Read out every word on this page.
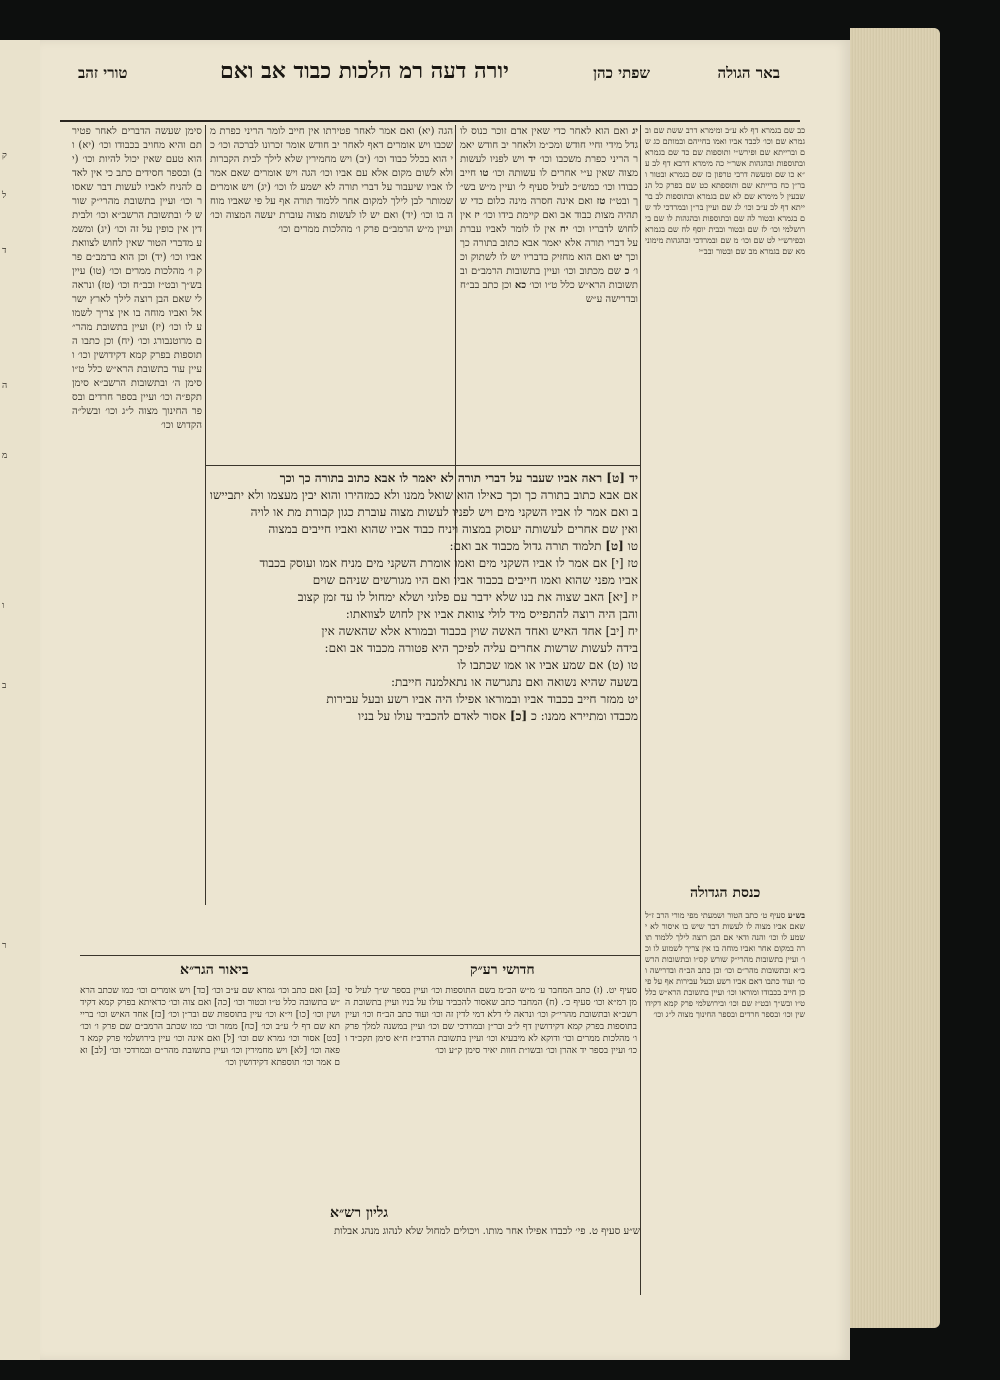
ק
ל
ד
ה
מ
ו
ב
ר
באר הגולה
שפתי כהן
יורה דעה רמ הלכות כבוד אב ואם
טורי זהב
כב שם בגמרא דף לא ע״ב ומימרא דרב ששת שם ובגמרא שם וכו׳ לכבד אביו ואמו בחייהם ובמותם כג שם וברייתא שם ופירש״י ותוספות שם כד שם בגמרא ובתוספות ובהגהות אשר״י כה מימרא דרבא דף לב ע״א כו שם ומעשה דרבי טרפון כז שם בגמרא ובטור ובר״ן כח ברייתא שם ותוספתא כט שם בפרק כל הנשבעין ל מימרא שם לא שם בגמרא ובתוספות לב ברייתא דף לב ע״ב וכו׳ לג שם ועיין בר״ן ובמרדכי לד שם בגמרא ובטור לה שם ובתוספות ובהגהות לו שם בירושלמי וכו׳ לז שם ובטור ובבית יוסף לח שם בגמרא ובפירש״י לט שם וכו׳ מ שם ובמרדכי ובהגהות מימוני מא שם בגמרא מב שם ובטור ובב״י
כנסת הגדולה
בש״ע סעיף ט׳ כתב הטור ושמעתי מפי מורי הרב ז״ל שאם אביו מצוה לו לעשות דבר שיש בו איסור לא ישמע לו וכו׳ והנה ודאי אם הבן רוצה לילך ללמוד תורה במקום אחר ואביו מוחה בו אין צריך לשמוע לו וכו׳ ועיין בתשובות מהרי״ק שורש קס״ו ובתשובות הרשב״א ובתשובות מהר״ם וכו׳ וכן כתב הב״ח ובדרישה וכו׳ ועוד כתבו דאם אביו רשע ובעל עבירות אף על פי כן חייב בכבודו ומוראו וכו׳ ועיין בתשובת הרא״ש כלל ט״ו ובש״ך ובט״ז שם וכו׳ ובירושלמי פרק קמא דקידושין וכו׳ ובספר חרדים ובספר החינוך מצוה ל״ג וכו׳
יד [ט] ראה אביו שעבר על דברי תורה לא יאמר לו אבא כתוב בתורה כך וכך
אם אבא כתוב בתורה כך וכך כאילו הוא שואל ממנו ולא כמזהירו והוא יבין מעצמו ולא יתביישו
ב ואם אמר לו אביו השקני מים ויש לפניו לעשות מצוה עוברת כגון קבורת מת או לויה
ואין שם אחרים לעשותה יעסוק במצוה ויניח כבוד אביו שהוא ואביו חייבים במצוה
טו [ט] תלמוד תורה גדול מכבוד אב ואם:
טז [י] אם אמר לו אביו השקני מים ואמו אומרת השקני מים מניח אמו ועוסק בכבוד
אביו מפני שהוא ואמו חייבים בכבוד אביו ואם היו מגורשים שניהם שוים
יז [יא] האב שצוה את בנו שלא ידבר עם פלוני ושלא ימחול לו עד זמן קצוב
והבן היה רוצה להתפייס מיד לולי צוואת אביו אין לחוש לצוואתו:
יח [יב] אחד האיש ואחד האשה שוין בכבוד ובמורא אלא שהאשה אין
בידה לעשות שרשות אחרים עליה לפיכך היא פטורה מכבוד אב ואם:
טו (ט) אם שמע אביו או אמו שכתבו לו
בשעה שהיא נשואה ואם נתגרשה או נתאלמנה חייבת:
יט ממזר חייב בכבוד אביו ובמוראו אפילו היה אביו רשע ובעל עבירות
מכבדו ומתיירא ממנו: כ [כ] אסור לאדם להכביד עולו על בניו
יג ואם הוא לאחר כדי שאין אדם זוכר כנוס לו גדל מידי וחיי חודש ומכ״מ ולאחר יב חודש יאמר הריני כפרת משכבו וכו׳ יד ויש לפניו לעשות מצוה שאין ע״י אחרים לו עשותה וכו׳ טו חייב כבודו וכו׳ כמש״כ לעיל סעיף ל׳ ועיין מ״ש בש״ך ובט״ז טז ואם אינה חסרה מינה כלום כדי שתהיה מצות כבוד אב ואם קיימת בידו וכו׳ יז אין לחוש לדבריו וכו׳ יח אין לו לומר לאביו עברת על דברי תורה אלא יאמר אבא כתוב בתורה כך וכך יט ואם הוא מחזיק בדבריו יש לו לשתוק וכו׳ כ שם מכתוב וכו׳ ועיין בתשובות הרמב״ם ובתשובות הרא״ש כלל ט״ו וכו׳ כא וכן כתב בב״ח ובדרישה ע״ש
הגה (יא) ואם אמר לאחר פטירתו אין חייב לומר הריני כפרת משכבו ויש אומרים דאף לאחר יב חודש אומר זכרונו לברכה וכו׳ כי הוא בכלל כבוד וכו׳ (יב) ויש מחמירין שלא לילך לבית הקברות ולא לשום מקום אלא עם אביו וכו׳ הגה ויש אומרים שאם אמר לו אביו שיעבור על דברי תורה לא ישמע לו וכו׳ (יג) ויש אומרים שמותר לבן לילך למקום אחר ללמוד תורה אף על פי שאביו מוחה בו וכו׳ (יד) ואם יש לו לעשות מצוה עוברת יעשה המצוה וכו׳ ועיין מ״ש הרמב״ם פרק ו׳ מהלכות ממרים וכו׳
סימן שעשה הדברים לאחר פטירתם והיא מחויב בכבודו וכו׳ (יא) והוא טעם שאין יכול להיות וכו׳ (יב) ובספר חסידים כתב כי אין לאדם להניח לאביו לעשות דבר שאסור וכו׳ ועיין בתשובת מהרי״ק שורש ל׳ ובתשובת הרשב״א וכו׳ ולבית דין אין כופין על זה וכו׳ (יג) ומשמע מדברי הטור שאין לחוש לצוואת אביו וכו׳ (יד) וכן הוא ברמב״ם פרק ו׳ מהלכות ממרים וכו׳ (טו) עיין בש״ך ובט״ז ובב״ח וכו׳ (טז) ונראה לי שאם הבן רוצה לילך לארץ ישראל ואביו מוחה בו אין צריך לשמוע לו וכו׳ (יז) ועיין בתשובת מהר״ם מרוטנבורג וכו׳ (יח) וכן כתבו התוספות בפרק קמא דקידושין וכו׳ ועיין עוד בתשובת הרא״ש כלל ט״ו סימן ה׳ ובתשובות הרשב״א סימן תקפ״ה וכו׳ ועיין בספר חרדים ובספר החינוך מצוה ל״ג וכו׳ ובשל״ה הקדוש וכו׳
חדושי רע״ק
ביאור הגר״א
סעיף יט. (ז) כתב המחבר ע׳ מ״ש הכ״מ בשם התוספות וכו׳ ועיין בספר ש״ך לעיל סימן רמ״א וכו׳ סעיף כ׳. (ח) המחבר כתב שאסור להכביד עולו על בניו ועיין בתשובת הרשב״א ובתשובת מהרי״ק וכו׳ ונראה לי דלא דמי לדין זה וכו׳ ועוד כתב הב״ח וכו׳ ועיין בתוספות בפרק קמא דקידושין דף ל״ב ובר״ן ובמרדכי שם וכו׳ ועיין במשנה למלך פרק ו׳ מהלכות ממרים וכו׳ ודוקא לא מיבעיא וכו׳ ועיין בתשובת הרדב״ז ח״א סימן תקכ״ד וכו׳ ועיין בספר יד אהרן וכו׳ ובשו״ת חוות יאיר סימן ק״ע וכו׳
[כג] ואם כתב וכו׳ גמרא שם ע״ב וכו׳ [כד] ויש אומרים וכו׳ כמו שכתב הרא״ש בתשובה כלל ט״ו ובטור וכו׳ [כה] ואם צוה וכו׳ כדאיתא בפרק קמא דקידושין וכו׳ [כו] וי״א וכו׳ עיין בתוספות שם ובר״ן וכו׳ [כז] אחד האיש וכו׳ ברייתא שם דף ל׳ ע״ב וכו׳ [כח] ממזר וכו׳ כמו שכתב הרמב״ם שם פרק ו׳ וכו׳ [כט] אסור וכו׳ גמרא שם וכו׳ [ל] ואם אינה וכו׳ עיין בירושלמי פרק קמא דפאה וכו׳ [לא] ויש מחמירין וכו׳ ועיין בתשובת מהר״ם ובמרדכי וכו׳ [לב] ואם אמר וכו׳ תוספתא דקידושין וכו׳
גליון רש״א
ש״ע סעיף ט. פי׳ לכבדו אפילו אחר מותו. ויכולים למחול שלא לנהוג מנהג אבלות
